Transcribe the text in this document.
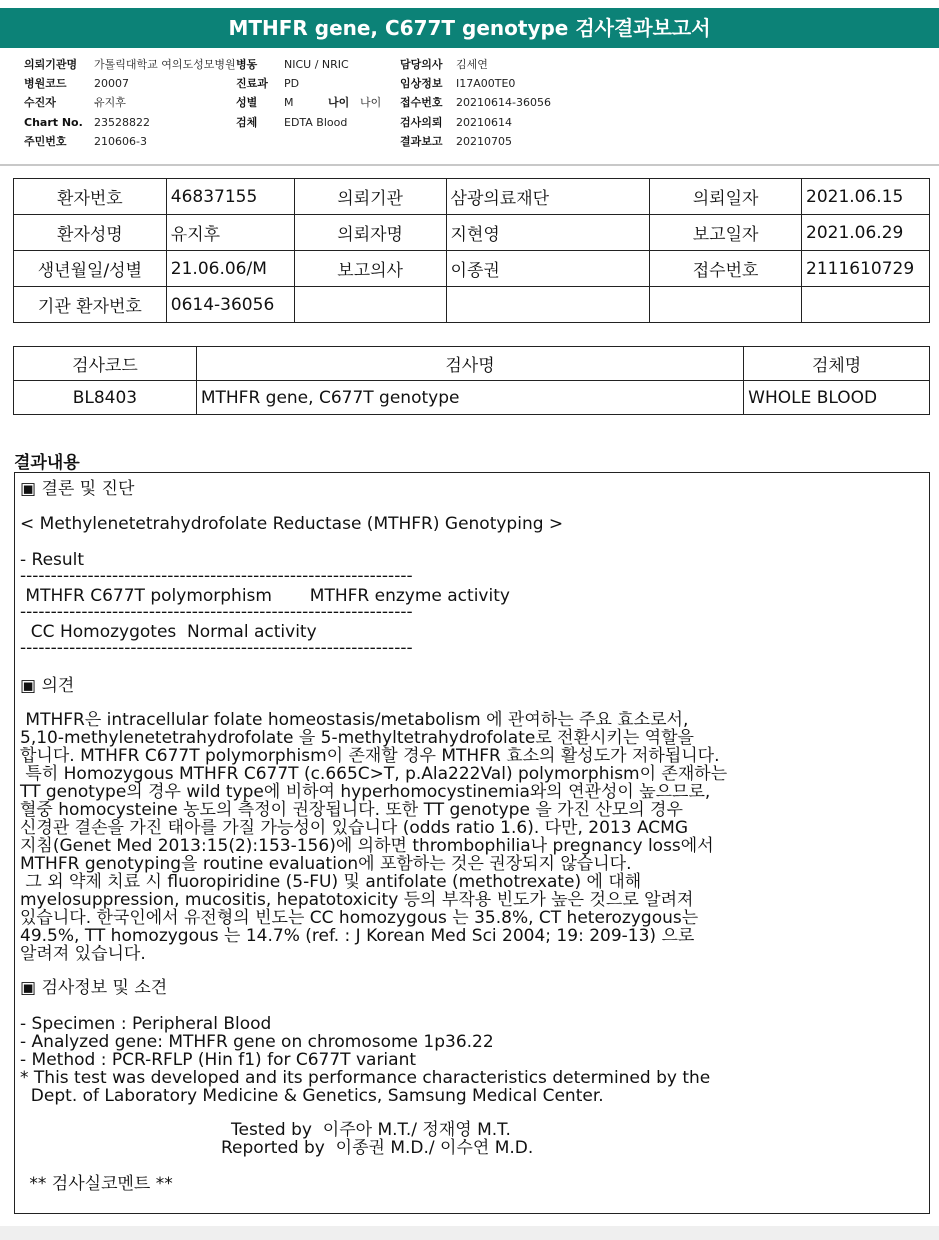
MTHFR gene, C677T genotype 검사결과보고서
의뢰기관명 가톨릭대학교 여의도성모병원
병원코드 20007
수진자	유지후
Chart No. 23528822
주민번호 210606-3
병동 NICU / NRIC
진료과 PD
성별 M	나이 나이
검체 EDTA Blood
담당의사 김세연
임상정보 I17A00TE0
접수번호 20210614-36056
검사의뢰 20210614
결과보고 20210705
환자번호	46837155	의뢰기관	삼광의료재단	의뢰일자	2021.06.15
환자성명	유지후	의뢰자명	지현영	보고일자	2021.06.29
생년월일/성별	21.06.06/M	보고의사	이종권	접수번호	2111610729
기관 환자번호	0614-36056				
검사코드	검사명	검체명
BL8403	MTHFR gene, C677T genotype	WHOLE BLOOD
결과내용
▣ 결론 및 진단
< Methylenetetrahydrofolate Reductase (MTHFR) Genotyping >
- Result
----------------------------------------------------------------
MTHFR C677T polymorphism       MTHFR enzyme activity
----------------------------------------------------------------
CC Homozygotes  Normal activity
----------------------------------------------------------------
▣ 의견
MTHFR은 intracellular folate homeostasis/metabolism 에 관여하는 주요 효소로서,
5,10-methylenetetrahydrofolate 을 5-methyltetrahydrofolate로 전환시키는 역할을
합니다. MTHFR C677T polymorphism이 존재할 경우 MTHFR 효소의 활성도가 저하됩니다.
특히 Homozygous MTHFR C677T (c.665C>T, p.Ala222Val) polymorphism이 존재하는
TT genotype의 경우 wild type에 비하여 hyperhomocystinemia와의 연관성이 높으므로,
혈중 homocysteine 농도의 측정이 권장됩니다. 또한 TT genotype 을 가진 산모의 경우
신경관 결손을 가진 태아를 가질 가능성이 있습니다 (odds ratio 1.6). 다만, 2013 ACMG
지침(Genet Med 2013:15(2):153-156)에 의하면 thrombophilia나 pregnancy loss에서
MTHFR genotyping을 routine evaluation에 포함하는 것은 권장되지 않습니다.
그 외 약제 치료 시 fluoropiridine (5-FU) 및 antifolate (methotrexate) 에 대해
myelosuppression, mucositis, hepatotoxicity 등의 부작용 빈도가 높은 것으로 알려져
있습니다. 한국인에서 유전형의 빈도는 CC homozygous 는 35.8%, CT heterozygous는
49.5%, TT homozygous 는 14.7% (ref. : J Korean Med Sci 2004; 19: 209-13) 으로
알려져 있습니다.
▣ 검사정보 및 소견
- Specimen : Peripheral Blood
- Analyzed gene: MTHFR gene on chromosome 1p36.22
- Method : PCR-RFLP (Hin f1) for C677T variant
* This test was developed and its performance characteristics determined by the
Dept. of Laboratory Medicine & Genetics, Samsung Medical Center.
Tested by  이주아 M.T./ 정재영 M.T.
Reported by  이종권 M.D./ 이수연 M.D.
** 검사실코멘트 **
